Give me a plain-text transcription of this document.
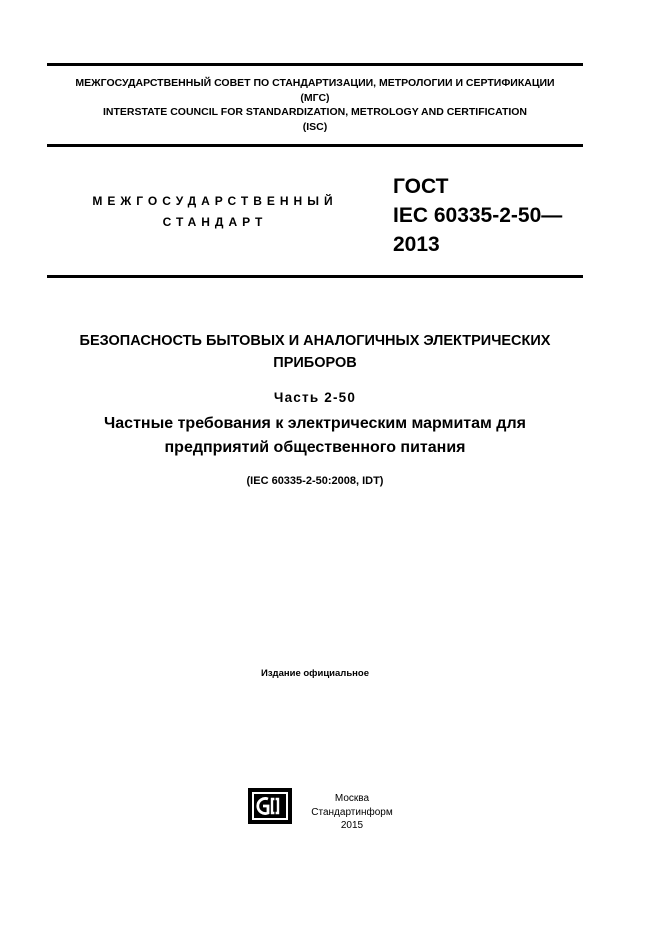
МЕЖГОСУДАРСТВЕННЫЙ СОВЕТ ПО СТАНДАРТИЗАЦИИ, МЕТРОЛОГИИ И СЕРТИФИКАЦИИ
(МГС)
INTERSTATE COUNCIL FOR STANDARDIZATION, METROLOGY AND CERTIFICATION
(ISC)
МЕЖГОСУДАРСТВЕННЫЙ
СТАНДАРТ
ГОСТ
IEC 60335-2-50—
2013
БЕЗОПАСНОСТЬ БЫТОВЫХ И АНАЛОГИЧНЫХ ЭЛЕКТРИЧЕСКИХ
ПРИБОРОВ
Часть 2-50
Частные требования к электрическим мармитам для
предприятий общественного питания
(IEC 60335-2-50:2008, IDT)
Издание официальное
Москва
Стандартинформ
2015
